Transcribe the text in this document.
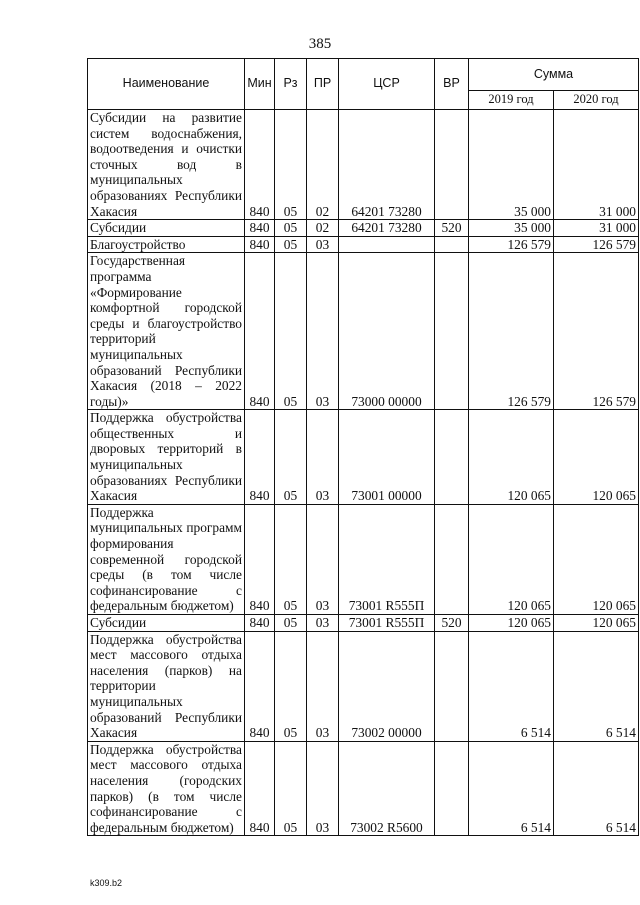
385
Наименование	Мин	Рз	ПР	ЦСР	ВР	Сумма	
						2019 год	2020 год
Субсидии на развитие систем водоснабжения, водоотведения и очистки сточных вод в муниципальных образованиях Республики Хакасия	840	05	02	64201 73280		35 000	31 000
Субсидии	840	05	02	64201 73280	520	35 000	31 000
Благоустройство	840	05	03			126 579	126 579
Государственная программа «Формирование комфортной городской среды и благоустройство территорий муниципальных образований Республики Хакасия (2018 – 2022 годы)»	840	05	03	73000 00000		126 579	126 579
Поддержка обустройства общественных и дворовых территорий в муниципальных образованиях Республики Хакасия	840	05	03	73001 00000		120 065	120 065
Поддержка муниципальных программ формирования современной городской среды (в том числе софинансирование с федеральным бюджетом)	840	05	03	73001 R555П		120 065	120 065
Субсидии	840	05	03	73001 R555П	520	120 065	120 065
Поддержка обустройства мест массового отдыха населения (парков) на территории муниципальных образований Республики Хакасия	840	05	03	73002 00000		6 514	6 514
Поддержка обустройства мест массового отдыха населения (городских парков) (в том числе софинансирование с федеральным бюджетом)	840	05	03	73002 R5600		6 514	6 514
k309.b2
